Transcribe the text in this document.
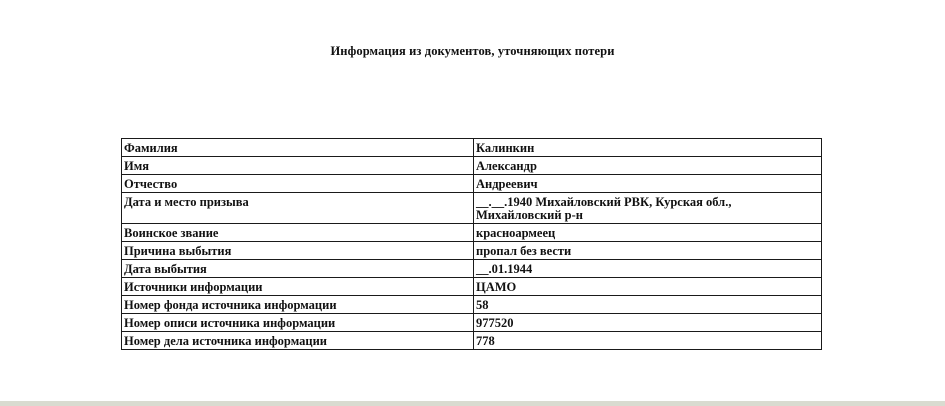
Информация из документов, уточняющих потери
Фамилия	Калинкин
Имя	Александр
Отчество	Андреевич
Дата и место призыва	__.__.1940 Михайловский РВК, Курская обл., Михайловский р-н
Воинское звание	красноармеец
Причина выбытия	пропал без вести
Дата выбытия	__.01.1944
Источники информации	ЦАМО
Номер фонда источника информации	58
Номер описи источника информации	977520
Номер дела источника информации	778
